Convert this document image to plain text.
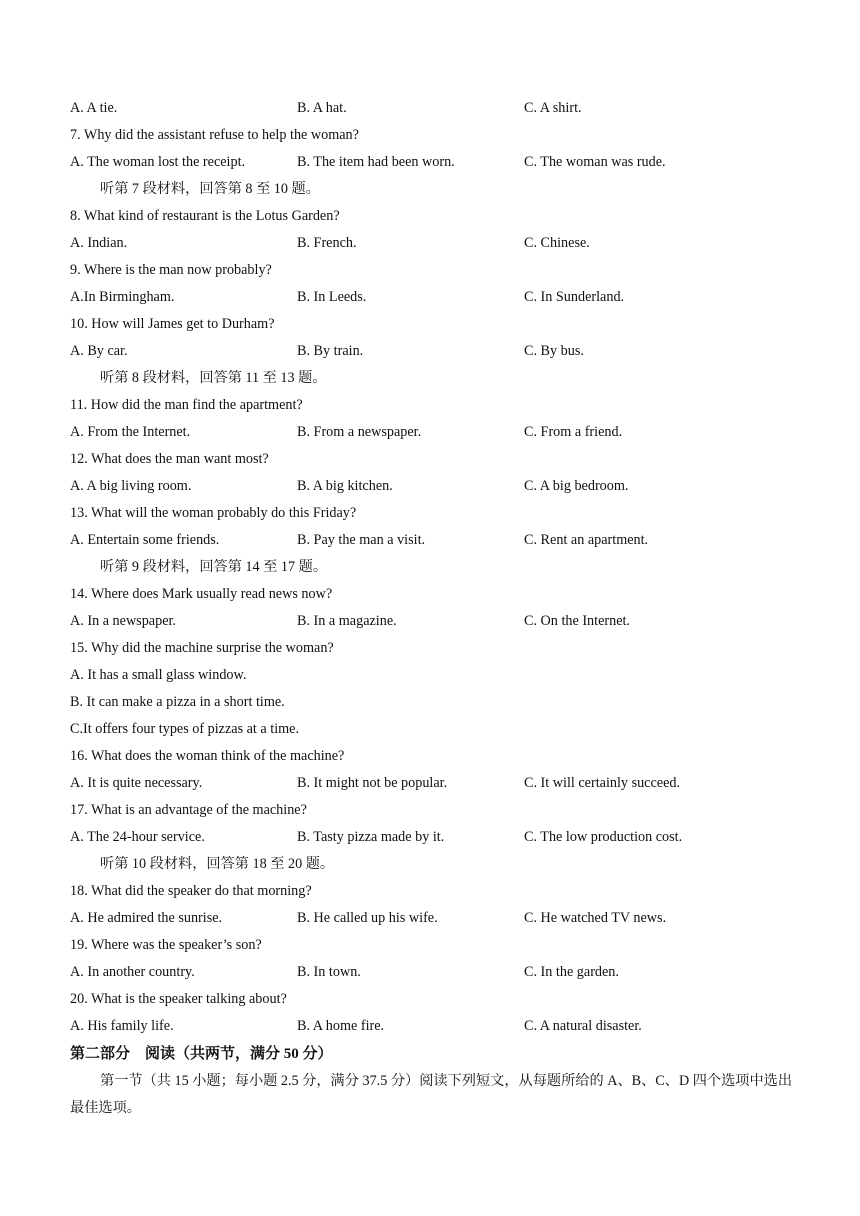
A. A tie.	B. A hat.	C. A shirt.
7. Why did the assistant refuse to help the woman?
A. The woman lost the receipt.	B. The item had been worn.	C. The woman was rude.
听第 7 段材料，回答第 8 至 10 题。
8. What kind of restaurant is the Lotus Garden?
A. Indian.	B. French.	C. Chinese.
9. Where is the man now probably?
A.In Birmingham.	B. In Leeds.	C. In Sunderland.
10. How will James get to Durham?
A. By car.	B. By train.	C. By bus.
听第 8 段材料，回答第 11 至 13 题。
11. How did the man find the apartment?
A. From the Internet.	B. From a newspaper.	C. From a friend.
12. What does the man want most?
A. A big living room.	B. A big kitchen.	C. A big bedroom.
13. What will the woman probably do this Friday?
A. Entertain some friends.	B. Pay the man a visit.	C. Rent an apartment.
听第 9 段材料，回答第 14 至 17 题。
14. Where does Mark usually read news now?
A. In a newspaper.	B. In a magazine.	C. On the Internet.
15. Why did the machine surprise the woman?
A. It has a small glass window.
B. It can make a pizza in a short time.
C.It offers four types of pizzas at a time.
16. What does the woman think of the machine?
A. It is quite necessary.	B. It might not be popular.	C. It will certainly succeed.
17. What is an advantage of the machine?
A. The 24-hour service.	B. Tasty pizza made by it.	C. The low production cost.
听第 10 段材料，回答第 18 至 20 题。
18. What did the speaker do that morning?
A. He admired the sunrise.	B. He called up his wife.	C. He watched TV news.
19. Where was the speaker’s son?
A. In another country.	B. In town.	C. In the garden.
20. What is the speaker talking about?
A. His family life.	B. A home fire.	C. A natural disaster.
第二部分　阅读（共两节，满分 50 分）
第一节（共 15 小题；每小题 2.5 分，满分 37.5 分）阅读下列短文，从每题所给的 A、B、C、D 四个选项中选出最佳选项。
